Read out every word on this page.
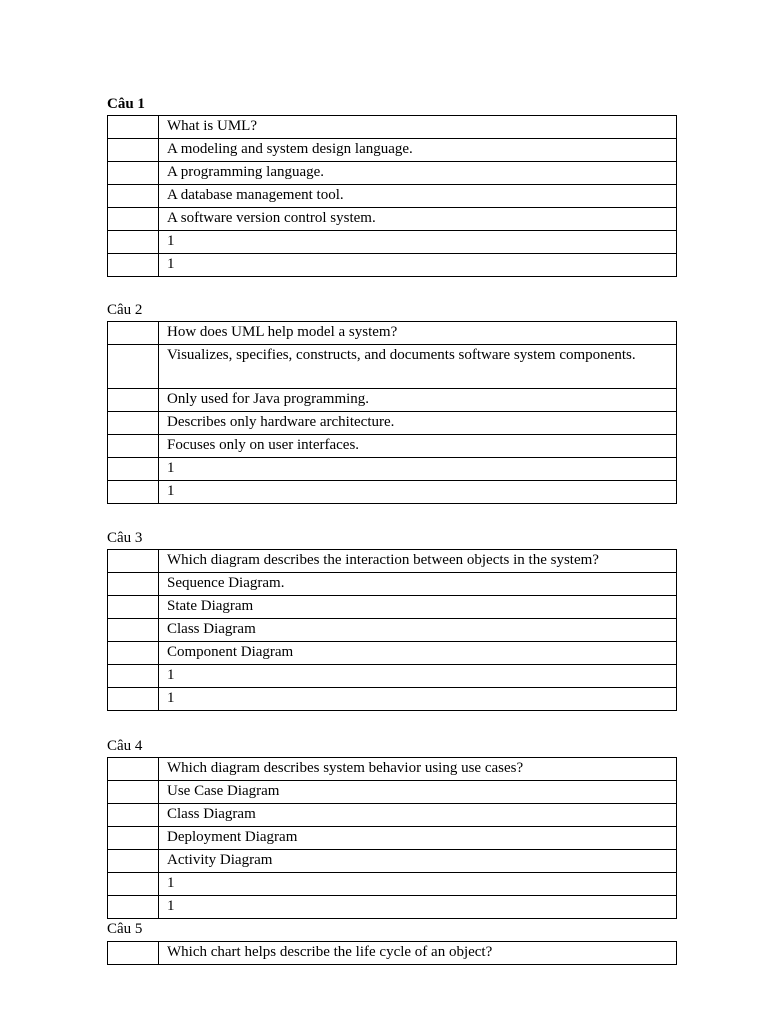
Câu 1
	What is UML?
	A modeling and system design language.
	A programming language.
	A database management tool.
	A software version control system.
	1
	1
Câu 2
	How does UML help model a system?
	Visualizes, specifies, constructs, and documents software system components.
	Only used for Java programming.
	Describes only hardware architecture.
	Focuses only on user interfaces.
	1
	1
Câu 3
	Which diagram describes the interaction between objects in the system?
	Sequence Diagram.
	State Diagram
	Class Diagram
	Component Diagram
	1
	1
Câu 4
	Which diagram describes system behavior using use cases?
	Use Case Diagram
	Class Diagram
	Deployment Diagram
	Activity Diagram
	1
	1
Câu 5
	Which chart helps describe the life cycle of an object?
